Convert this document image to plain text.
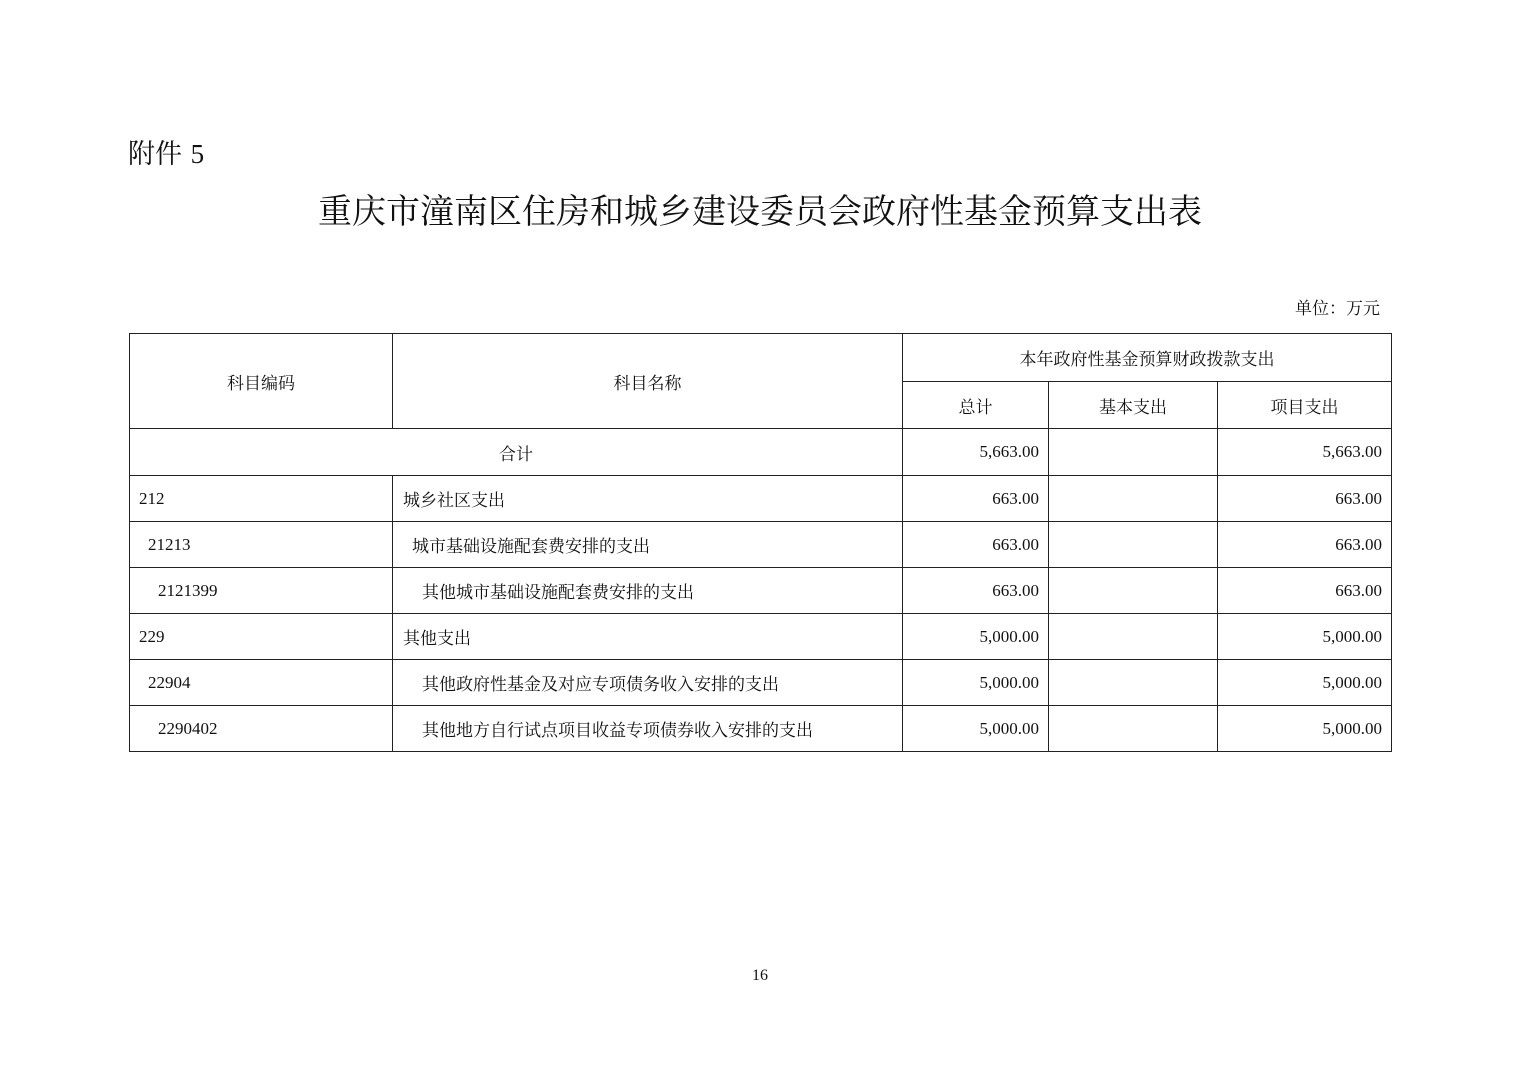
附件 5
重庆市潼南区住房和城乡建设委员会政府性基金预算支出表
单位：万元
科目编码	科目名称	本年政府性基金预算财政拨款支出		
		总计	基本支出	项目支出
合计		5,663.00		5,663.00
212	城乡社区支出	663.00		663.00
21213	城市基础设施配套费安排的支出	663.00		663.00
2121399	其他城市基础设施配套费安排的支出	663.00		663.00
229	其他支出	5,000.00		5,000.00
22904	其他政府性基金及对应专项债务收入安排的支出	5,000.00		5,000.00
2290402	其他地方自行试点项目收益专项债券收入安排的支出	5,000.00		5,000.00
16
